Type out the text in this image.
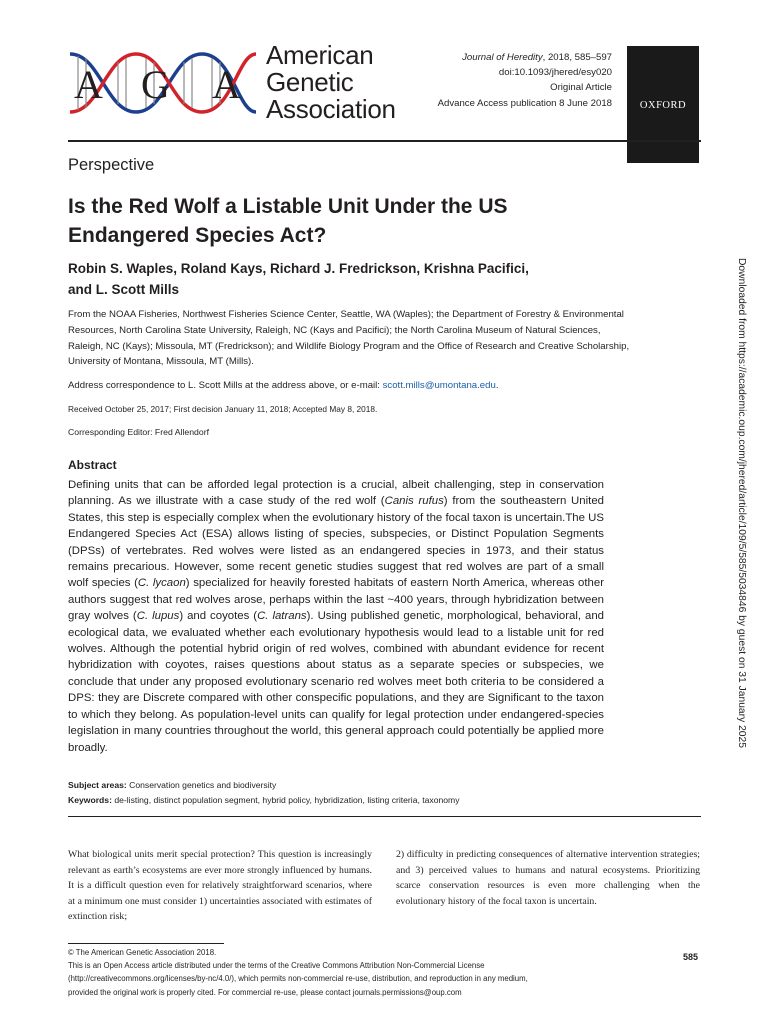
A G A
American
Genetic
Association
Journal of Heredity, 2018, 585–597
doi:10.1093/jhered/esy020
Original Article
Advance Access publication 8 June 2018	OXFORD
Perspective
Is the Red Wolf a Listable Unit Under the US Endangered Species Act?
Robin S. Waples, Roland Kays, Richard J. Fredrickson, Krishna Pacifici,
and L. Scott Mills
From the NOAA Fisheries, Northwest Fisheries Science Center, Seattle, WA (Waples); the Department of Forestry & Environmental Resources, North Carolina State University, Raleigh, NC (Kays and Pacifici); the North Carolina Museum of Natural Sciences, Raleigh, NC (Kays); Missoula, MT (Fredrickson); and Wildlife Biology Program and the Office of Research and Creative Scholarship, University of Montana, Missoula, MT (Mills).
Address correspondence to L. Scott Mills at the address above, or e-mail: scott.mills@umontana.edu.
Received October 25, 2017; First decision January 11, 2018; Accepted May 8, 2018.
Corresponding Editor: Fred Allendorf
Abstract
Defining units that can be afforded legal protection is a crucial, albeit challenging, step in conservation planning. As we illustrate with a case study of the red wolf (Canis rufus) from the southeastern United States, this step is especially complex when the evolutionary history of the focal taxon is uncertain.The US Endangered Species Act (ESA) allows listing of species, subspecies, or Distinct Population Segments (DPSs) of vertebrates. Red wolves were listed as an endangered species in 1973, and their status remains precarious. However, some recent genetic studies suggest that red wolves are part of a small wolf species (C. lycaon) specialized for heavily forested habitats of eastern North America, whereas other authors suggest that red wolves arose, perhaps within the last ~400 years, through hybridization between gray wolves (C. lupus) and coyotes (C. latrans). Using published genetic, morphological, behavioral, and ecological data, we evaluated whether each evolutionary hypothesis would lead to a listable unit for red wolves. Although the potential hybrid origin of red wolves, combined with abundant evidence for recent hybridization with coyotes, raises questions about status as a separate species or subspecies, we conclude that under any proposed evolutionary scenario red wolves meet both criteria to be considered a DPS: they are Discrete compared with other conspecific populations, and they are Significant to the taxon to which they belong. As population-level units can qualify for legal protection under endangered-species legislation in many countries throughout the world, this general approach could potentially be applied more broadly.
Subject areas: Conservation genetics and biodiversity
Keywords: de-listing, distinct population segment, hybrid policy, hybridization, listing criteria, taxonomy
What biological units merit special protection? This question is increasingly relevant as earth’s ecosystems are ever more strongly influenced by humans. It is a difficult question even for relatively straightforward scenarios, where at a minimum one must consider 1) uncertainties associated with estimates of extinction risk;
2) difficulty in predicting consequences of alternative intervention strategies; and 3) perceived values to humans and natural ecosystems. Prioritizing scarce conservation resources is even more challenging when the evolutionary history of the focal taxon is uncertain.
© The American Genetic Association 2018.
This is an Open Access article distributed under the terms of the Creative Commons Attribution Non-Commercial License
(http://creativecommons.org/licenses/by-nc/4.0/), which permits non-commercial re-use, distribution, and reproduction in any medium,
provided the original work is properly cited. For commercial re-use, please contact journals.permissions@oup.com
585
Downloaded from https://academic.oup.com/jhered/article/109/5/585/5034846 by guest on 31 January 2025
